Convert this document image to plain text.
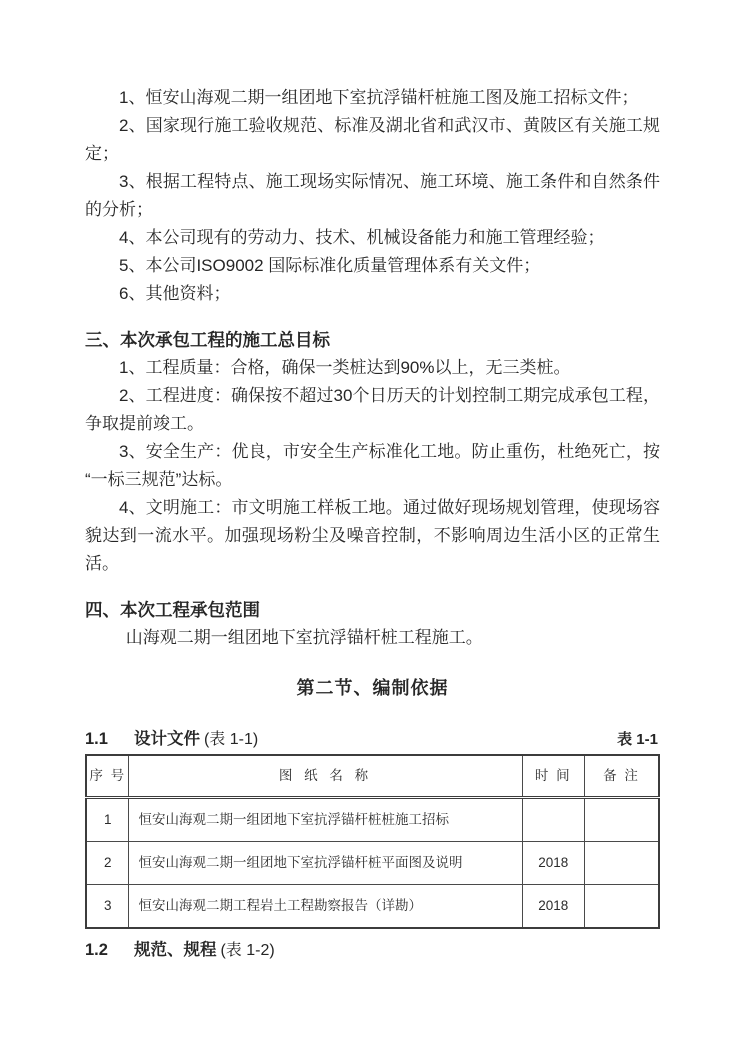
1、恒安山海观二期一组团地下室抗浮锚杆桩施工图及施工招标文件；

2、国家现行施工验收规范、标准及湖北省和武汉市、黄陂区有关施工规定；

3、根据工程特点、施工现场实际情况、施工环境、施工条件和自然条件的分析；

4、本公司现有的劳动力、技术、机械设备能力和施工管理经验；

5、本公司ISO9002 国际标准化质量管理体系有关文件；

6、其他资料；

三、本次承包工程的施工总目标

1、工程质量：合格，确保一类桩达到90%以上，无三类桩。

2、工程进度：确保按不超过30个日历天的计划控制工期完成承包工程，争取提前竣工。

3、安全生产：优良，市安全生产标准化工地。防止重伤，杜绝死亡，按“一标三规范”达标。

4、文明施工：市文明施工样板工地。通过做好现场规划管理，使现场容貌达到一流水平。加强现场粉尘及噪音控制，不影响周边生活小区的正常生活。

四、本次工程承包范围

山海观二期一组团地下室抗浮锚杆桩工程施工。

第二节、编制依据
1.1 设计文件 (表 1-1)	表 1-1
序 号	图 纸 名 称	时 间	备 注
1	恒安山海观二期一组团地下室抗浮锚杆桩桩施工招标		
2	恒安山海观二期一组团地下室抗浮锚杆桩平面图及说明	2018	
3	恒安山海观二期工程岩土工程勘察报告（详勘）	2018	
1.2 规范、规程 (表 1-2)
